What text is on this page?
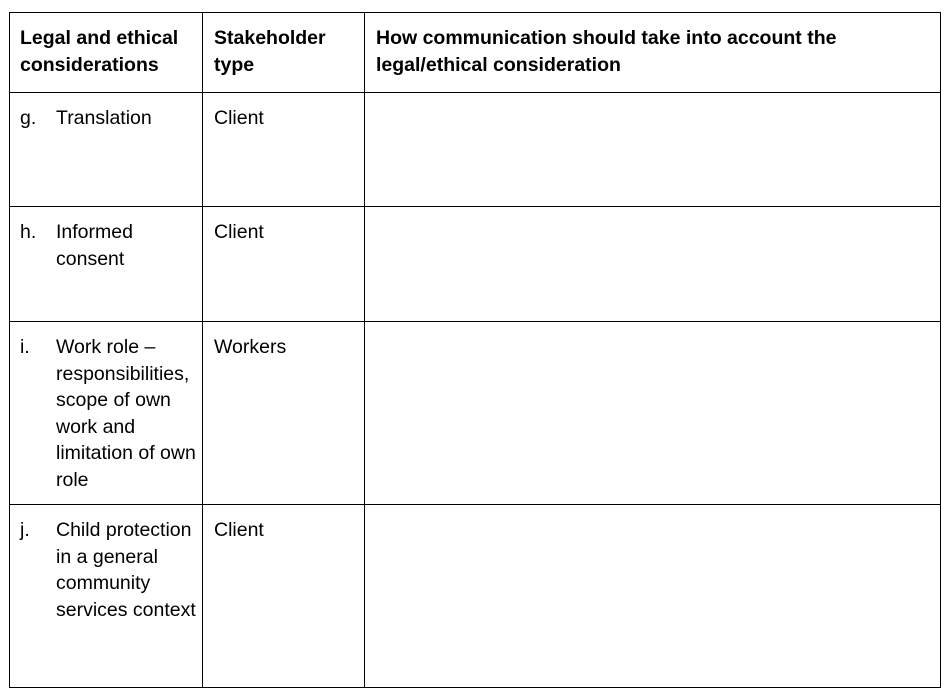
Legal and ethical considerations	Stakeholder type	How communication should take into account the legal/ethical consideration

g. Translation	Client	

h. Informed consent	Client	

i. Work role – responsibilities, scope of own work and limitation of own role	Workers	

j. Child protection in a general community services context	Client	
